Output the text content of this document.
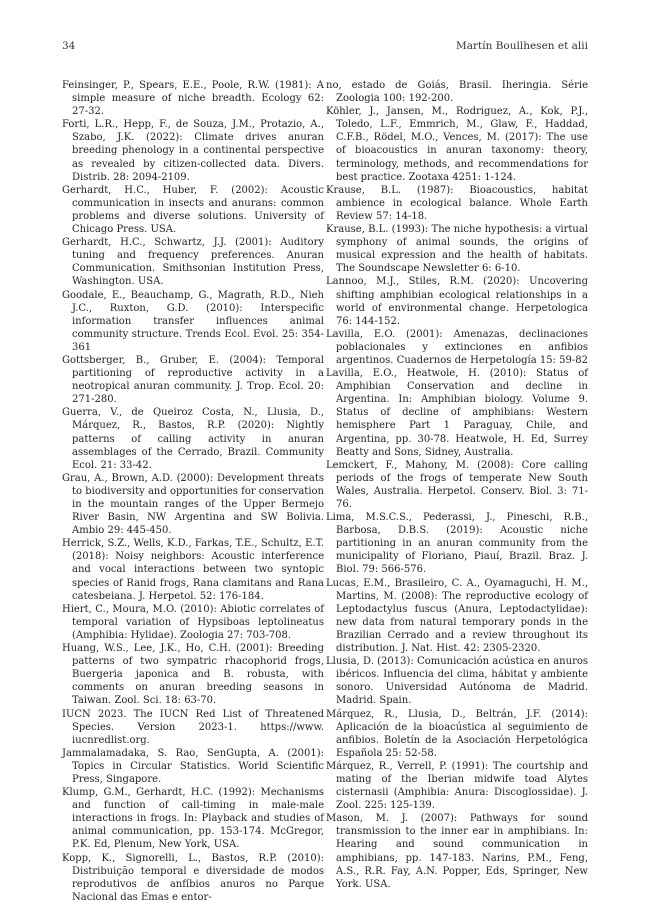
34	Martín Boullhesen et alii

Feinsinger, P., Spears, E.E., Poole, R.W. (1981): A simple measure of niche breadth. Ecology 62: 27-32.

Forti, L.R., Hepp, F., de Souza, J.M., Protazio, A., Szabo, J.K. (2022): Climate drives anuran breeding phenology in a continental perspective as revealed by citizen-collected data. Divers. Distrib. 28: 2094-2109.

Gerhardt, H.C., Huber, F. (2002): Acoustic communication in insects and anurans: common problems and diverse solutions. University of Chicago Press. USA.

Gerhardt, H.C., Schwartz, J.J. (2001): Auditory tuning and frequency preferences. Anuran Communication. Smithsonian Institution Press, Washington. USA.

Goodale, E., Beauchamp, G., Magrath, R.D., Nieh J.C., Ruxton, G.D. (2010): Interspecific information transfer influences animal community structure. Trends Ecol. Evol. 25: 354-361

Gottsberger, B., Gruber, E. (2004): Temporal partitioning of reproductive activity in a neotropical anuran community. J. Trop. Ecol. 20: 271-280.

Guerra, V., de Queiroz Costa, N., Llusia, D., Márquez, R., Bastos, R.P. (2020): Nightly patterns of calling activity in anuran assemblages of the Cerrado, Brazil. Community Ecol. 21: 33-42.

Grau, A., Brown, A.D. (2000): Development threats to biodiversity and opportunities for conservation in the mountain ranges of the Upper Bermejo River Basin, NW Argentina and SW Bolivia. Ambio 29: 445-450.

Herrick, S.Z., Wells, K.D., Farkas, T.E., Schultz, E.T. (2018): Noisy neighbors: Acoustic interference and vocal interactions between two syntopic species of Ranid frogs, Rana clamitans and Rana catesbeiana. J. Herpetol. 52: 176-184.

Hiert, C., Moura, M.O. (2010): Abiotic correlates of temporal variation of Hypsiboas leptolineatus (Amphibia: Hylidae). Zoologia 27: 703-708.

Huang, W.S., Lee, J.K., Ho, C.H. (2001): Breeding patterns of two sympatric rhacophorid frogs, Buergeria japonica and B. robusta, with comments on anuran breeding seasons in Taiwan. Zool. Sci. 18: 63-70.

IUCN 2023. The IUCN Red List of Threatened Species. Version 2023-1. https://www. iucnredlist.org.

Jammalamadaka, S. Rao, SenGupta, A. (2001): Topics in Circular Statistics. World Scientific Press, Singapore.

Klump, G.M., Gerhardt, H.C. (1992): Mechanisms and function of call-timing in male-male interactions in frogs. In: Playback and studies of animal communication, pp. 153-174. McGregor, P.K. Ed, Plenum, New York, USA.

Kopp, K., Signorelli, L., Bastos, R.P. (2010): Distribuição temporal e diversidade de modos reprodutivos de anfíbios anuros no Parque Nacional das Emas e entor-

no, estado de Goiás, Brasil. Iheringia. Série Zoologia 100: 192-200.

Köhler, J., Jansen, M., Rodriguez, A., Kok, P.J., Toledo, L.F., Emmrich, M., Glaw, F., Haddad, C.F.B., Rödel, M.O., Vences, M. (2017): The use of bioacoustics in anuran taxonomy: theory, terminology, methods, and recommendations for best practice. Zootaxa 4251: 1-124.

Krause, B.L. (1987): Bioacoustics, habitat ambience in ecological balance. Whole Earth Review 57: 14-18.

Krause, B.L. (1993): The niche hypothesis: a virtual symphony of animal sounds, the origins of musical expression and the health of habitats. The Soundscape Newsletter 6: 6-10.

Lannoo, M.J., Stiles, R.M. (2020): Uncovering shifting amphibian ecological relationships in a world of environmental change. Herpetologica 76: 144-152.

Lavilla, E.O. (2001): Amenazas, declinaciones poblacionales y extinciones en anfibios argentinos. Cuadernos de Herpetología 15: 59-82

Lavilla, E.O., Heatwole, H. (2010): Status of Amphibian Conservation and decline in Argentina. In: Amphibian biology. Volume 9. Status of decline of amphibians: Western hemisphere Part 1 Paraguay, Chile, and Argentina, pp. 30-78. Heatwole, H. Ed, Surrey Beatty and Sons, Sidney, Australia.

Lemckert, F., Mahony, M. (2008): Core calling periods of the frogs of temperate New South Wales, Australia. Herpetol. Conserv. Biol. 3: 71-76.

Lima, M.S.C.S., Pederassi, J., Pineschi, R.B., Barbosa, D.B.S. (2019): Acoustic niche partitioning in an anuran community from the municipality of Floriano, Piauí, Brazil. Braz. J. Biol. 79: 566-576.

Lucas, E.M., Brasileiro, C. A., Oyamaguchi, H. M., Martins, M. (2008): The reproductive ecology of Leptodactylus fuscus (Anura, Leptodactylidae): new data from natural temporary ponds in the Brazilian Cerrado and a review throughout its distribution. J. Nat. Hist. 42: 2305-2320.

Llusia, D. (2013): Comunicación acústica en anuros ibéricos. Influencia del clima, hábitat y ambiente sonoro. Universidad Autónoma de Madrid. Madrid. Spain.

Márquez, R., Llusia, D., Beltrán, J.F. (2014): Aplicación de la bioacústica al seguimiento de anfibios. Boletín de la Asociación Herpetológica Española 25: 52-58.

Márquez, R., Verrell, P. (1991): The courtship and mating of the Iberian midwife toad Alytes cisternasii (Amphibia: Anura: Discoglossidae). J. Zool. 225: 125-139.

Mason, M. J. (2007): Pathways for sound transmission to the inner ear in amphibians. In: Hearing and sound communication in amphibians, pp. 147-183. Narins, P.M., Feng, A.S., R.R. Fay, A.N. Popper, Eds, Springer, New York. USA.
